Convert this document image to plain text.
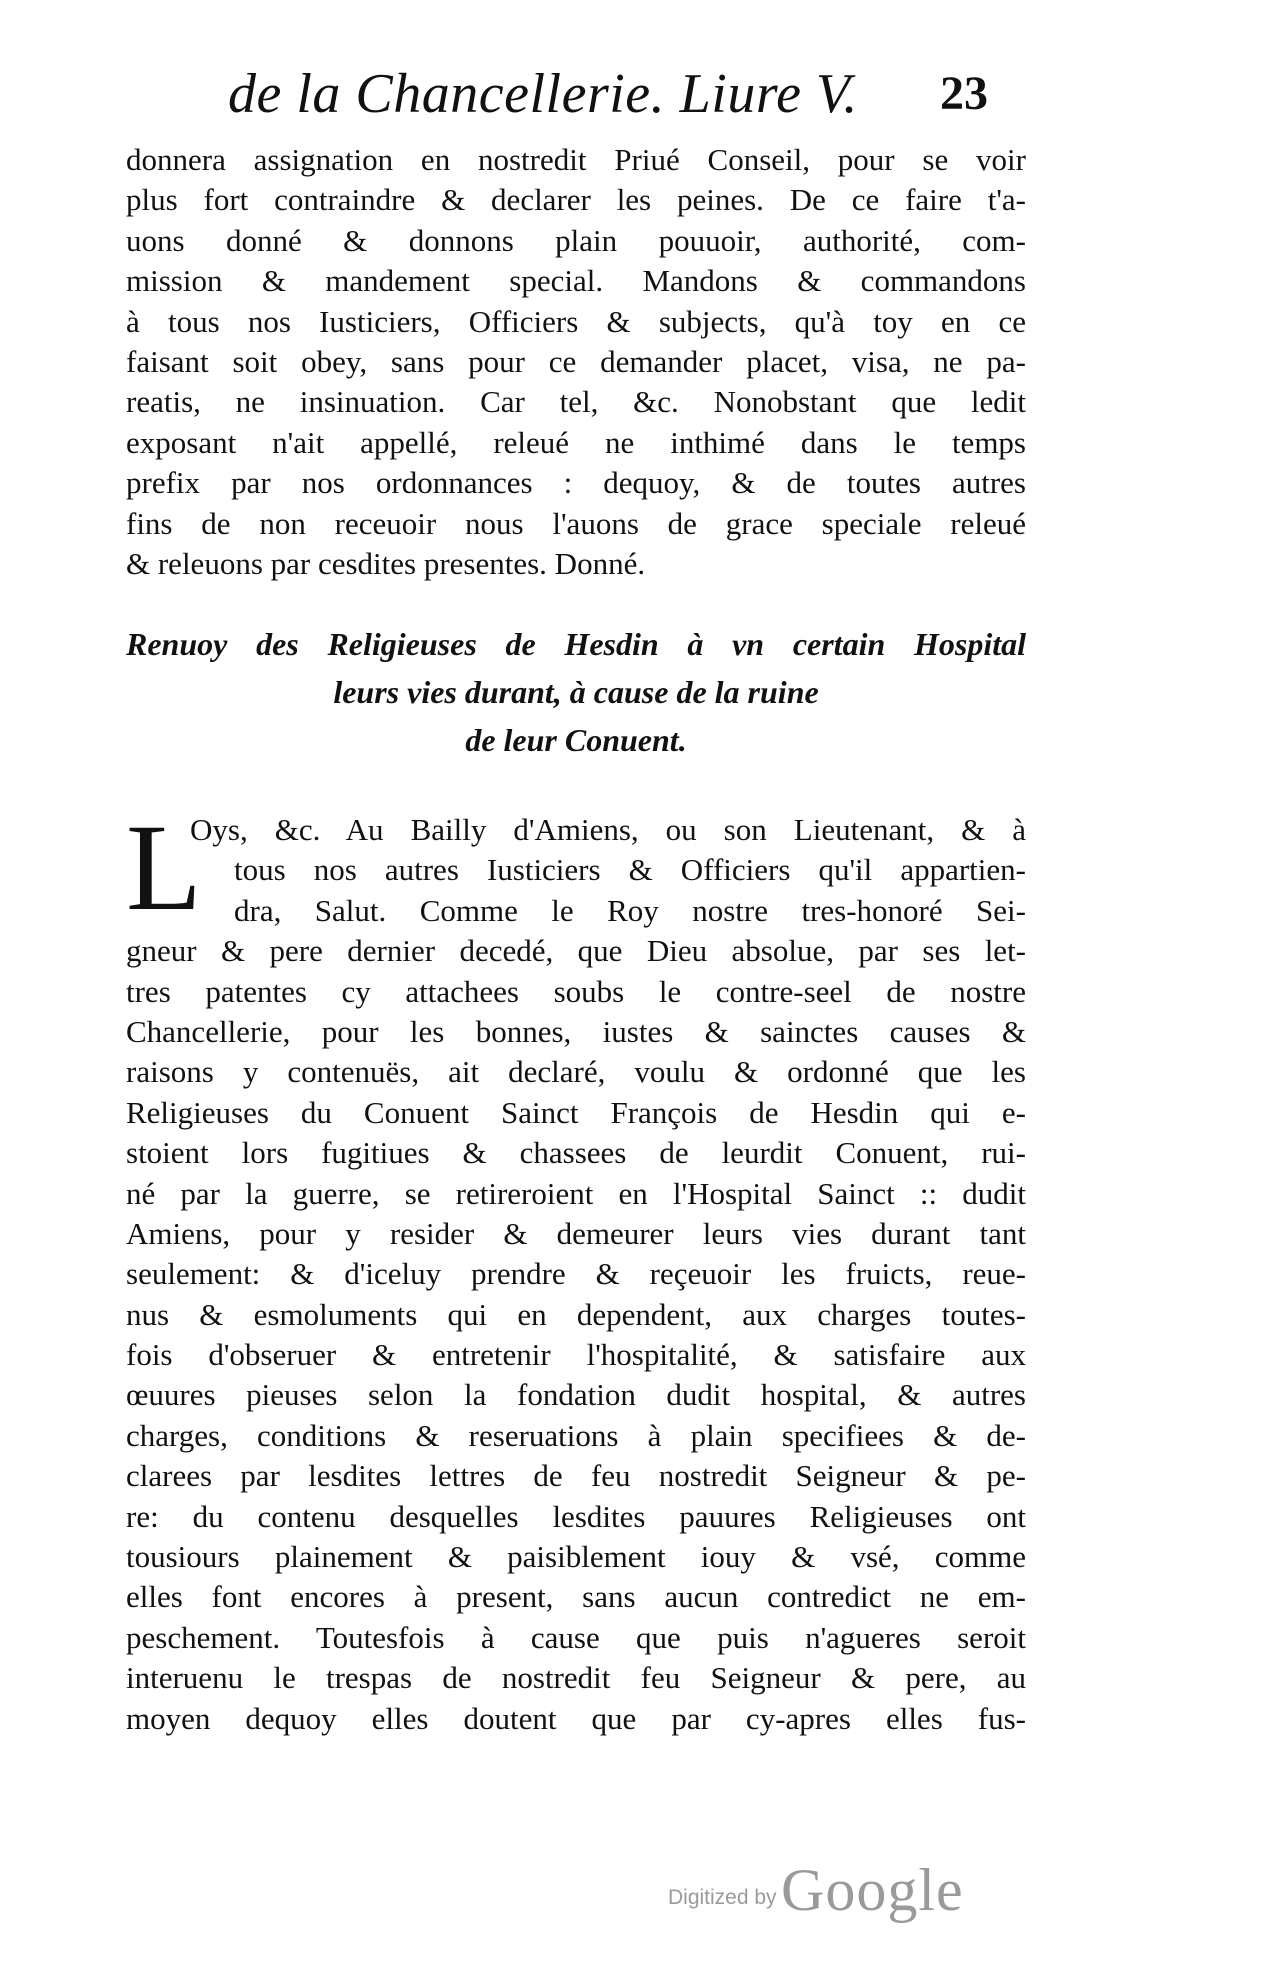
de la Chancellerie. Liure V. 23
donnera assignation en nostredit Priué Conseil, pour se voir
plus fort contraindre & declarer les peines. De ce faire t'a-
uons donné & donnons plain pouuoir, authorité, com-
mission & mandement special. Mandons & commandons
à tous nos Iusticiers, Officiers & subjects, qu'à toy en ce
faisant soit obey, sans pour ce demander placet, visa, ne pa-
reatis, ne insinuation. Car tel, &c. Nonobstant que ledit
exposant n'ait appellé, releué ne inthimé dans le temps
prefix par nos ordonnances : dequoy, & de toutes autres
fins de non receuoir nous l'auons de grace speciale releué
& releuons par cesdites presentes. Donné.
Renuoy des Religieuses de Hesdin à vn certain Hospital
leurs vies durant, à cause de la ruine
de leur Conuent.
L
Oys, &c. Au Bailly d'Amiens, ou son Lieutenant, & à
tous nos autres Iusticiers & Officiers qu'il appartien-
dra, Salut. Comme le Roy nostre tres-honoré Sei-
gneur & pere dernier decedé, que Dieu absolue, par ses let-
tres patentes cy attachees soubs le contre-seel de nostre
Chancellerie, pour les bonnes, iustes & sainctes causes &
raisons y contenuës, ait declaré, voulu & ordonné que les
Religieuses du Conuent Sainct François de Hesdin qui e-
stoient lors fugitiues & chassees de leurdit Conuent, rui-
né par la guerre, se retireroient en l'Hospital Sainct :: dudit
Amiens, pour y resider & demeurer leurs vies durant tant
seulement: & d'iceluy prendre & reçeuoir les fruicts, reue-
nus & esmoluments qui en dependent, aux charges toutes-
fois d'obseruer & entretenir l'hospitalité, & satisfaire aux
œuures pieuses selon la fondation dudit hospital, & autres
charges, conditions & reseruations à plain specifiees & de-
clarees par lesdites lettres de feu nostredit Seigneur & pe-
re: du contenu desquelles lesdites pauures Religieuses ont
tousiours plainement & paisiblement iouy & vsé, comme
elles font encores à present, sans aucun contredict ne em-
peschement. Toutesfois à cause que puis n'agueres seroit
interuenu le trespas de nostredit feu Seigneur & pere, au
moyen dequoy elles doutent que par cy-apres elles fus-
Digitized by Google
